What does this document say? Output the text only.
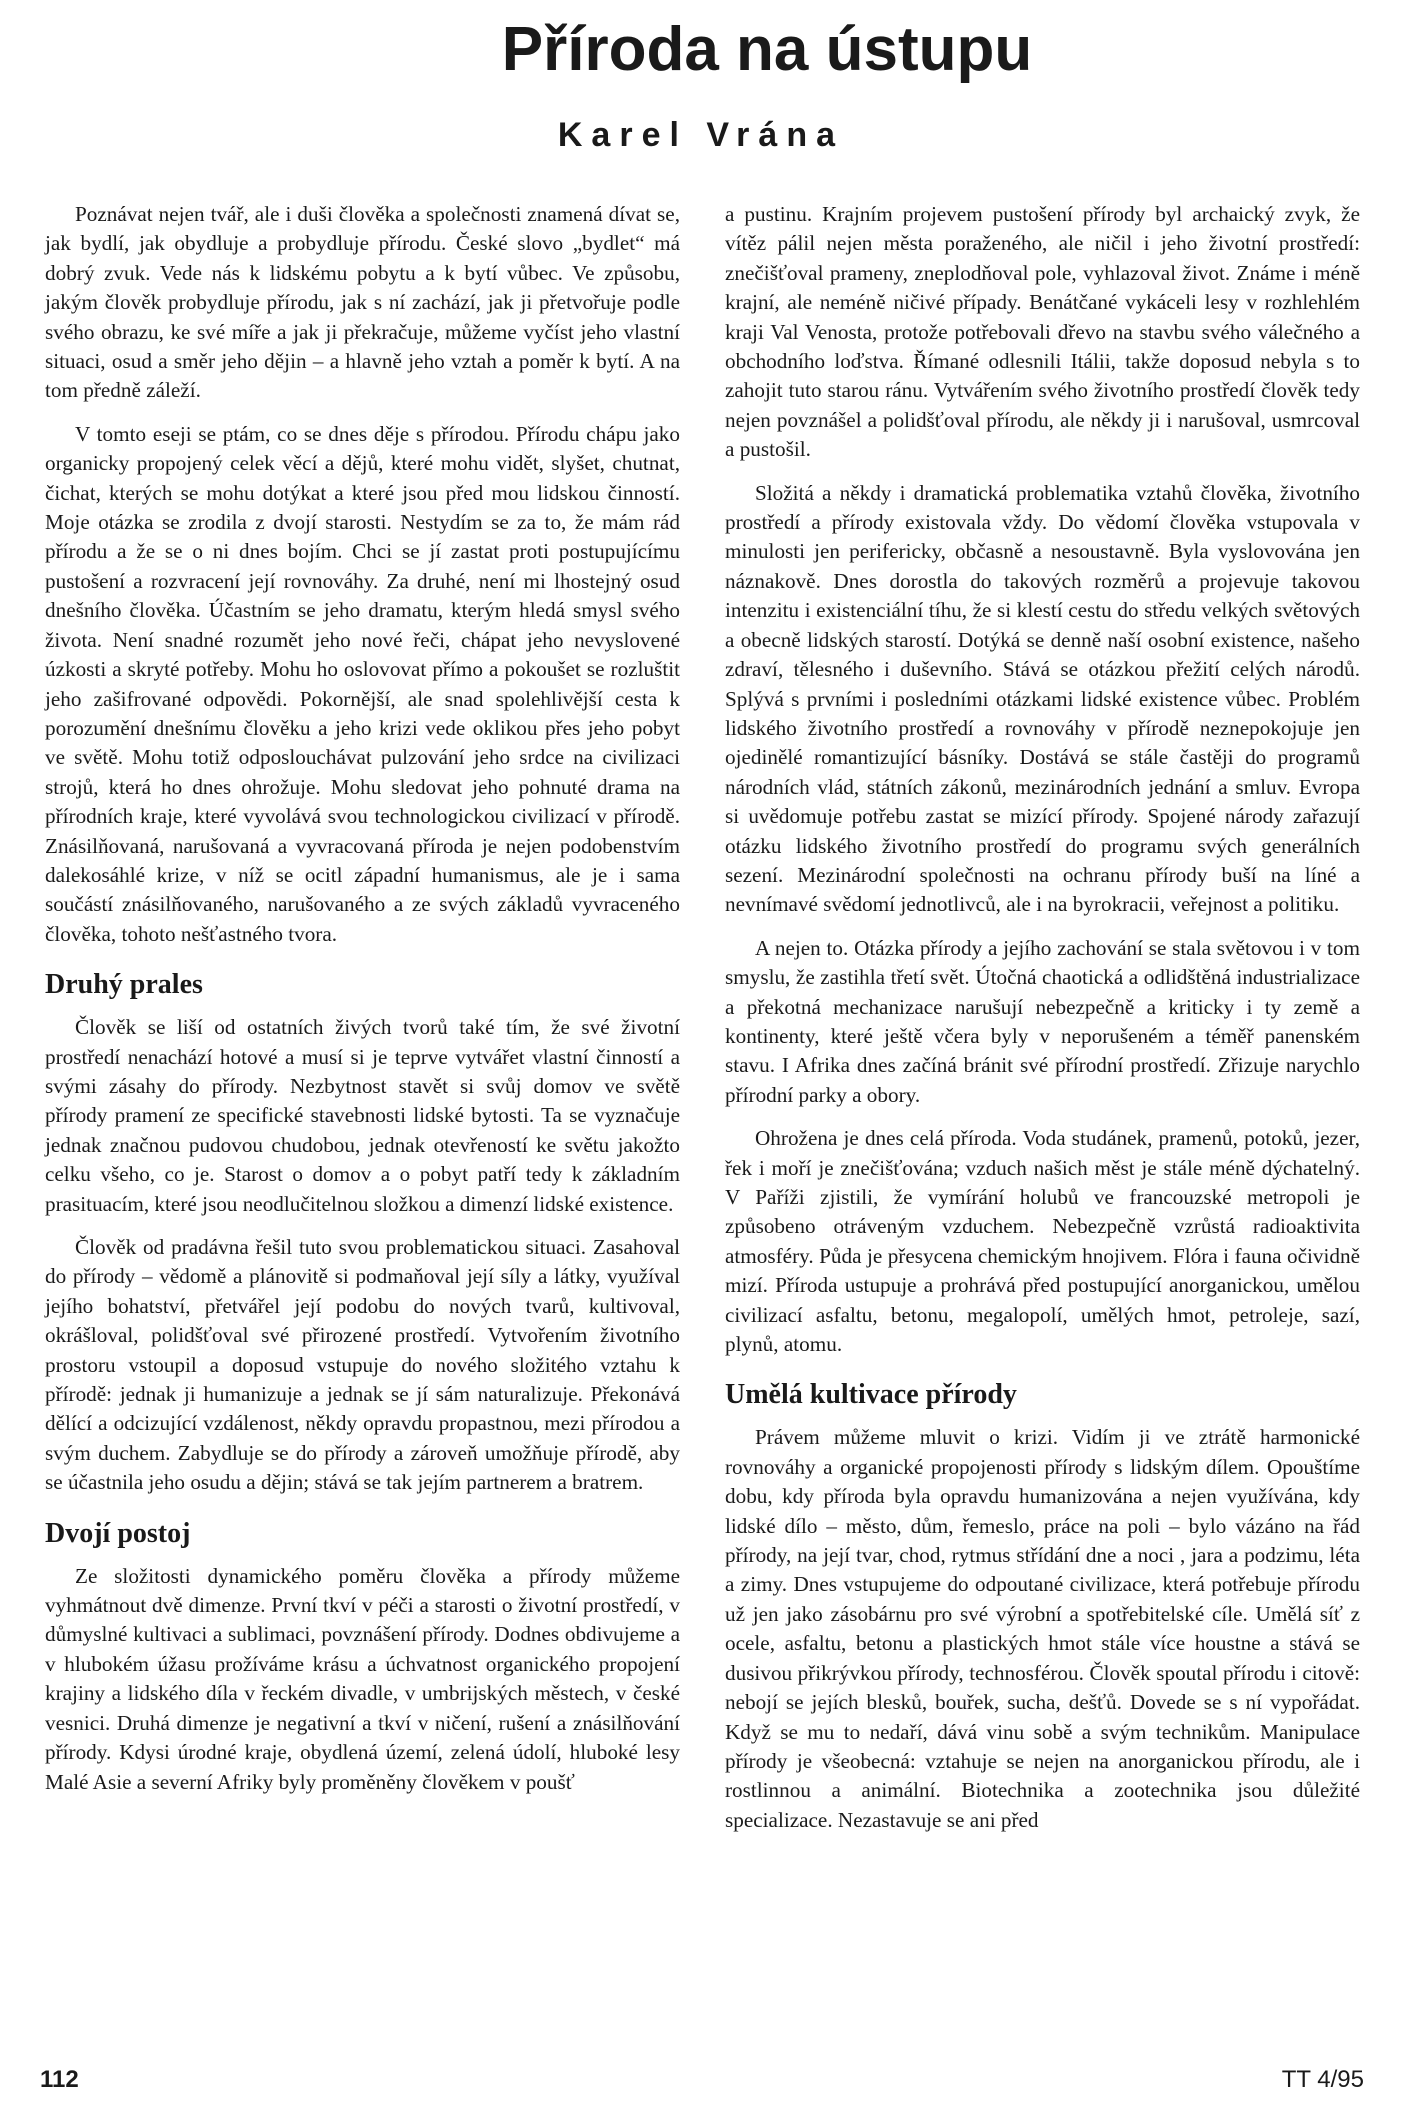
Příroda na ústupu
Karel Vrána

Poznávat nejen tvář, ale i duši člověka a společnosti znamená dívat se, jak bydlí, jak obydluje a probydluje přírodu. České slovo „bydlet“ má dobrý zvuk. Vede nás k lidskému pobytu a k bytí vůbec. Ve způsobu, jakým člověk probydluje přírodu, jak s ní zachází, jak ji přetvořuje podle svého obrazu, ke své míře a jak ji překračuje, můžeme vyčíst jeho vlastní situaci, osud a směr jeho dějin – a hlavně jeho vztah a poměr k bytí. A na tom předně záleží.

V tomto eseji se ptám, co se dnes děje s přírodou. Přírodu chápu jako organicky propojený celek věcí a dějů, které mohu vidět, slyšet, chutnat, čichat, kterých se mohu dotýkat a které jsou před mou lidskou činností. Moje otázka se zrodila z dvojí starosti. Nestydím se za to, že mám rád přírodu a že se o ni dnes bojím. Chci se jí zastat proti postupujícímu pustošení a rozvracení její rovnováhy. Za druhé, není mi lhostejný osud dnešního člověka. Účastním se jeho dramatu, kterým hledá smysl svého života. Není snadné rozumět jeho nové řeči, chápat jeho nevyslovené úzkosti a skryté potřeby. Mohu ho oslovovat přímo a pokoušet se rozluštit jeho zašifrované odpovědi. Pokornější, ale snad spolehlivější cesta k porozumění dnešnímu člověku a jeho krizi vede oklikou přes jeho pobyt ve světě. Mohu totiž odposlouchávat pulzování jeho srdce na civilizaci strojů, která ho dnes ohrožuje. Mohu sledovat jeho pohnuté drama na přírodních kraje, které vyvolává svou technologickou civilizací v přírodě. Znásilňovaná, narušovaná a vyvracovaná příroda je nejen podobenstvím dalekosáhlé krize, v níž se ocitl západní humanismus, ale je i sama součástí znásilňovaného, narušovaného a ze svých základů vyvraceného člověka, tohoto nešťastného tvora.

Druhý prales

Člověk se liší od ostatních živých tvorů také tím, že své životní prostředí nenachází hotové a musí si je teprve vytvářet vlastní činností a svými zásahy do přírody. Nezbytnost stavět si svůj domov ve světě přírody pramení ze specifické stavebnosti lidské bytosti. Ta se vyznačuje jednak značnou pudovou chudobou, jednak otevřeností ke světu jakožto celku všeho, co je. Starost o domov a o pobyt patří tedy k základním prasituacím, které jsou neodlučitelnou složkou a dimenzí lidské existence.

Člověk od pradávna řešil tuto svou problematickou situaci. Zasahoval do přírody – vědomě a plánovitě si podmaňoval její síly a látky, využíval jejího bohatství, přetvářel její podobu do nových tvarů, kultivoval, okrášloval, polidšťoval své přirozené prostředí. Vytvořením životního prostoru vstoupil a doposud vstupuje do nového složitého vztahu k přírodě: jednak ji humanizuje a jednak se jí sám naturalizuje. Překonává dělící a odcizující vzdálenost, někdy opravdu propastnou, mezi přírodou a svým duchem. Zabydluje se do přírody a zároveň umožňuje přírodě, aby se účastnila jeho osudu a dějin; stává se tak jejím partnerem a bratrem.

Dvojí postoj

Ze složitosti dynamického poměru člověka a přírody můžeme vyhmátnout dvě dimenze. První tkví v péči a starosti o životní prostředí, v důmyslné kultivaci a sublimaci, povznášení přírody. Dodnes obdivujeme a v hlubokém úžasu prožíváme krásu a úchvatnost organického propojení krajiny a lidského díla v řeckém divadle, v umbrijských městech, v české vesnici. Druhá dimenze je negativní a tkví v ničení, rušení a znásilňování přírody. Kdysi úrodné kraje, obydlená území, zelená údolí, hluboké lesy Malé Asie a severní Afriky byly proměněny člověkem v poušť

a pustinu. Krajním projevem pustošení přírody byl archaický zvyk, že vítěz pálil nejen města poraženého, ale ničil i jeho životní prostředí: znečišťoval prameny, zneplodňoval pole, vyhlazoval život. Známe i méně krajní, ale neméně ničivé případy. Benátčané vykáceli lesy v rozhlehlém kraji Val Venosta, protože potřebovali dřevo na stavbu svého válečného a obchodního loďstva. Římané odlesnili Itálii, takže doposud nebyla s to zahojit tuto starou ránu. Vytvářením svého životního prostředí člověk tedy nejen povznášel a polidšťoval přírodu, ale někdy ji i narušoval, usmrcoval a pustošil.

Složitá a někdy i dramatická problematika vztahů člověka, životního prostředí a přírody existovala vždy. Do vědomí člověka vstupovala v minulosti jen perifericky, občasně a nesoustavně. Byla vyslovována jen náznakově. Dnes dorostla do takových rozměrů a projevuje takovou intenzitu i existenciální tíhu, že si klestí cestu do středu velkých světových a obecně lidských starostí. Dotýká se denně naší osobní existence, našeho zdraví, tělesného i duševního. Stává se otázkou přežití celých národů. Splývá s prvními i posledními otázkami lidské existence vůbec. Problém lidského životního prostředí a rovnováhy v přírodě neznepokojuje jen ojedinělé romantizující básníky. Dostává se stále častěji do programů národních vlád, státních zákonů, mezinárodních jednání a smluv. Evropa si uvědomuje potřebu zastat se mizící přírody. Spojené národy zařazují otázku lidského životního prostředí do programu svých generálních sezení. Mezinárodní společnosti na ochranu přírody buší na líné a nevnímavé svědomí jednotlivců, ale i na byrokracii, veřejnost a politiku.

A nejen to. Otázka přírody a jejího zachování se stala světovou i v tom smyslu, že zastihla třetí svět. Útočná chaotická a odlidštěná industrializace a překotná mechanizace narušují nebezpečně a kriticky i ty země a kontinenty, které ještě včera byly v neporušeném a téměř panenském stavu. I Afrika dnes začíná bránit své přírodní prostředí. Zřizuje narychlo přírodní parky a obory.

Ohrožena je dnes celá příroda. Voda studánek, pramenů, potoků, jezer, řek i moří je znečišťována; vzduch našich měst je stále méně dýchatelný. V Paříži zjistili, že vymírání holubů ve francouzské metropoli je způsobeno otráveným vzduchem. Nebezpečně vzrůstá radioaktivita atmosféry. Půda je přesycena chemickým hnojivem. Flóra i fauna očividně mizí. Příroda ustupuje a prohrává před postupující anorganickou, umělou civilizací asfaltu, betonu, megalopolí, umělých hmot, petroleje, sazí, plynů, atomu.

Umělá kultivace přírody

Právem můžeme mluvit o krizi. Vidím ji ve ztrátě harmonické rovnováhy a organické propojenosti přírody s lidským dílem. Opouštíme dobu, kdy příroda byla opravdu humanizována a nejen využívána, kdy lidské dílo – město, dům, řemeslo, práce na poli – bylo vázáno na řád přírody, na její tvar, chod, rytmus střídání dne a noci , jara a podzimu, léta a zimy. Dnes vstupujeme do odpoutané civilizace, která potřebuje přírodu už jen jako zásobárnu pro své výrobní a spotřebitelské cíle. Umělá síť z ocele, asfaltu, betonu a plastických hmot stále více houstne a stává se dusivou přikrývkou přírody, technosférou. Člověk spoutal přírodu i citově: nebojí se jejích blesků, bouřek, sucha, dešťů. Dovede se s ní vypořádat. Když se mu to nedaří, dává vinu sobě a svým technikům. Manipulace přírody je všeobecná: vztahuje se nejen na anorganickou přírodu, ale i rostlinnou a animální. Biotechnika a zootechnika jsou důležité specializace. Nezastavuje se ani před

112	TT 4/95
